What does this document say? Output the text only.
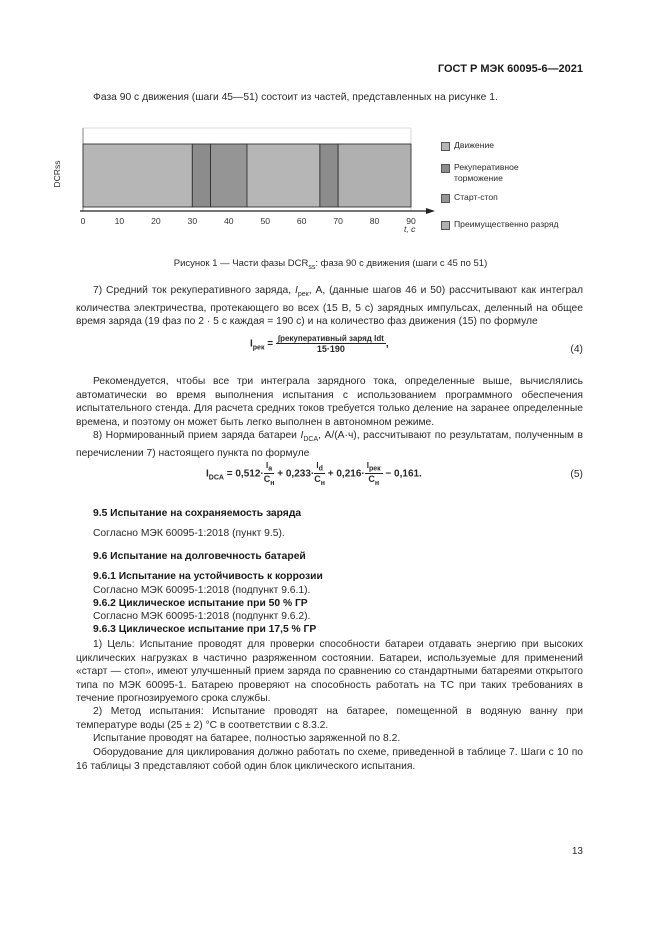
ГОСТ Р МЭК 60095-6—2021
Фаза 90 с движения (шаги 45—51) состоит из частей, представленных на рисунке 1.
0	10	20	30	40	50	60	70	80	90
DCRss
t, c
Движение
Рекуперативное
торможение
Старт-стоп
Преимущественно разряд
Рисунок 1 — Части фазы $DCR_{ss}$: фаза 90 с движения (шаги с 45 по 51)
7) Средний ток рекуперативного заряда, $I_{рек}$, А, (данные шагов 46 и 50) рассчитывают как интеграл количества электричества, протекающего во всех (15 В, 5 с) зарядных импульсах, деленный на общее время заряда (19 фаз по 2 · 5 с каждая = 190 с) и на количество фаз движения (15) по формуле
$I_{рек} = \frac{\text{∫рекуперативный заряд Idt}}{15\cdot 190}$ ,	(4)
Рекомендуется, чтобы все три интеграла зарядного тока, определенные выше, вычислялись автоматически во время выполнения испытания с использованием программного обеспечения испытательного стенда. Для расчета средних токов требуется только деление на заранее определенные времена, и поэтому он может быть легко выполнен в автономном режиме.
8) Нормированный прием заряда батареи $I_{DCA}$, А/(А·ч), рассчитывают по результатам, полученным в перечислении 7) настоящего пункта по формуле
$I_{DCA} = 0,512\cdot \frac{I_a}{C_н} + 0,233\cdot \frac{I_d}{C_н} + 0,216\cdot \frac{I_{рек}}{C_н} - 0,161$.	(5)
9.5 Испытание на сохраняемость заряда
Согласно МЭК 60095-1:2018 (пункт 9.5).
9.6 Испытание на долговечность батарей
9.6.1 Испытание на устойчивость к коррозии
Согласно МЭК 60095-1:2018 (подпункт 9.6.1).
9.6.2 Циклическое испытание при 50 % ГР
Согласно МЭК 60095-1:2018 (подпункт 9.6.2).
9.6.3 Циклическое испытание при 17,5 % ГР
1) Цель: Испытание проводят для проверки способности батареи отдавать энергию при высоких циклических нагрузках в частично разряженном состоянии. Батареи, используемые для применений «старт — стоп», имеют улучшенный прием заряда по сравнению со стандартными батареями открытого типа по МЭК 60095-1. Батарею проверяют на способность работать на ТС при таких требованиях в течение прогнозируемого срока службы.
2) Метод испытания: Испытание проводят на батарее, помещенной в водяную ванну при температуре воды (25 ± 2) °С в соответствии с 8.3.2.
Испытание проводят на батарее, полностью заряженной по 8.2.
Оборудование для циклирования должно работать по схеме, приведенной в таблице 7. Шаги с 10 по 16 таблицы 3 представляют собой один блок циклического испытания.
13
